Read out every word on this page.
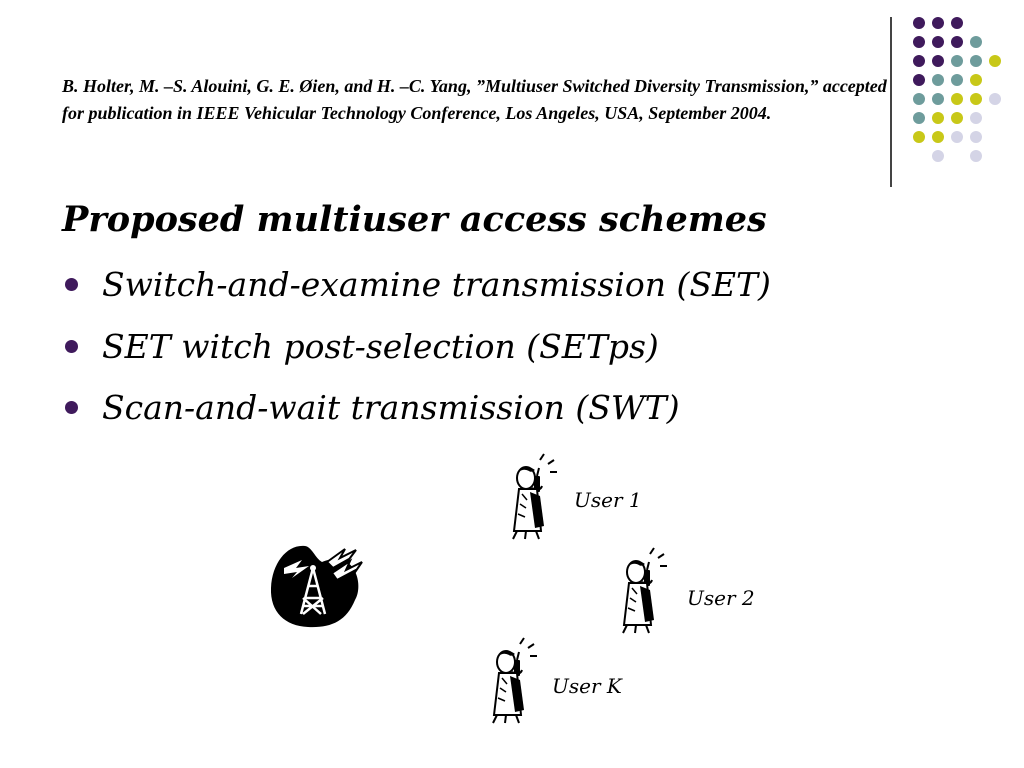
B. Holter, M. –S. Alouini, G. E. Øien, and H. –C. Yang, ”Multiuser Switched Diversity Transmission,” accepted for publication in IEEE Vehicular Technology Conference, Los Angeles, USA, September 2004.

Proposed multiuser access schemes
Switch-and-examine transmission (SET)
SET witch post-selection (SETps)
Scan-and-wait transmission (SWT)
User 1
User 2
User K
